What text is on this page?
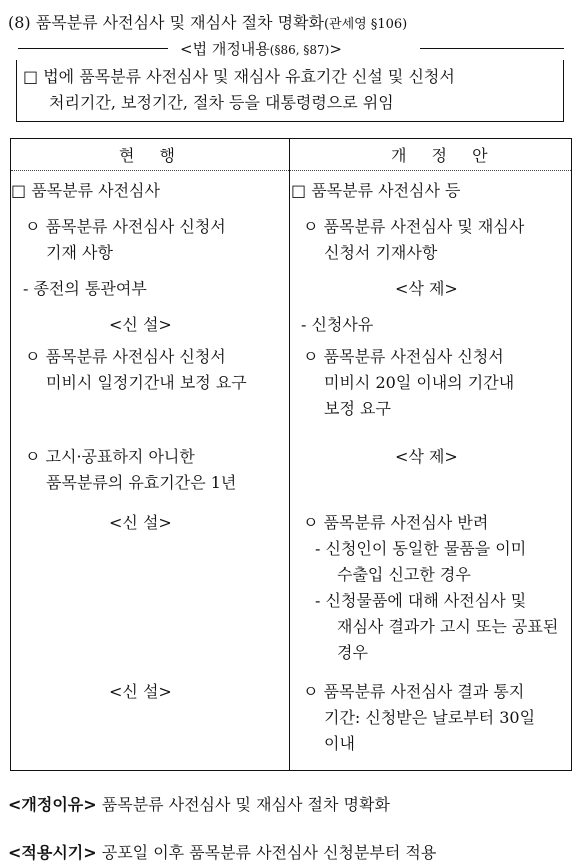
(8) 품목분류 사전심사 및 재심사 절차 명확화(관세영 §106)
<법 개정내용(§86, §87)>
□ 법에 품목분류 사전심사 및 재심사 유효기간 신설 및 신청서
처리기간, 보정기간, 절차 등을 대통령령으로 위임
현 행	개 정 안
□ 품목분류 사전심사
ㅇ 품목분류 사전심사 신청서
기재 사항
- 종전의 통관여부
<신 설>
ㅇ 품목분류 사전심사 신청서
미비시 일정기간내 보정 요구
ㅇ 고시·공표하지 아니한
품목분류의 유효기간은 1년
<신 설>
<신 설>
□ 품목분류 사전심사 등
ㅇ 품목분류 사전심사 및 재심사
신청서 기재사항
<삭 제>
- 신청사유
ㅇ 품목분류 사전심사 신청서
미비시 20일 이내의 기간내
보정 요구
<삭 제>
ㅇ 품목분류 사전심사 반려
- 신청인이 동일한 물품을 이미
수출입 신고한 경우
- 신청물품에 대해 사전심사 및
재심사 결과가 고시 또는 공표된
경우
ㅇ 품목분류 사전심사 결과 통지
기간: 신청받은 날로부터 30일
이내
<개정이유> 품목분류 사전심사 및 재심사 절차 명확화
<적용시기> 공포일 이후 품목분류 사전심사 신청분부터 적용
